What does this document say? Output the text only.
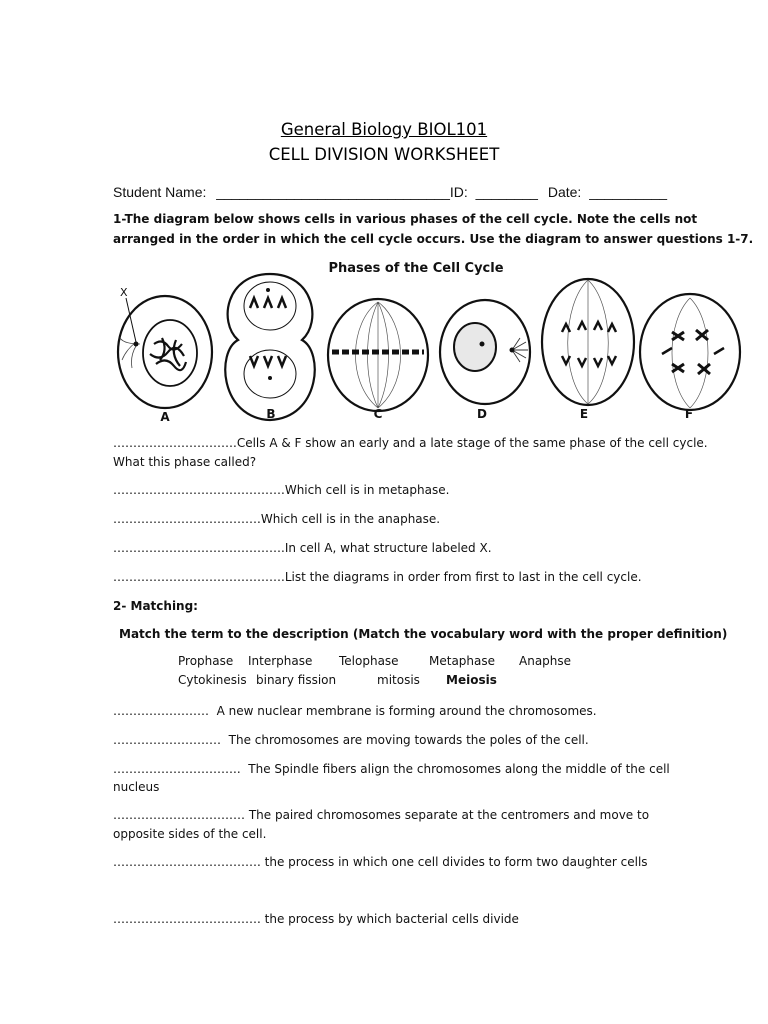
General Biology BIOL101
CELL DIVISION WORKSHEET
Student Name: ______________________________ID: ________ Date: __________
1-The diagram below shows cells in various phases of the cell cycle. Note the cells not
arranged in the order in which the cell cycle occurs. Use the diagram to answer questions 1-7.
Phases of the Cell Cycle
X
A	B	C	D	E	F
………………………….Cells A & F show an early and a late stage of the same phase of the cell cycle.
What this phase called?
…………………………………….Which cell is in metaphase.
……………………………….Which cell is in the anaphase.
…………………………………….In cell A, what structure labeled X.
…………………………………….List the diagrams in order from first to last in the cell cycle.
2- Matching:
Match the term to the description (Match the vocabulary word with the proper definition)
Prophase Interphase Telophase	Metaphase Anaphse
Cytokinesis binary fission	mitosis Meiosis
…………………… A new nuclear membrane is forming around the chromosomes.
……………………… The chromosomes are moving towards the poles of the cell.
………………………….. The Spindle fibers align the chromosomes along the middle of the cell
nucleus
…………………………… The paired chromosomes separate at the centromers and move to
opposite sides of the cell.
………………………………. the process in which one cell divides to form two daughter cells
………………………………. the process by which bacterial cells divide
